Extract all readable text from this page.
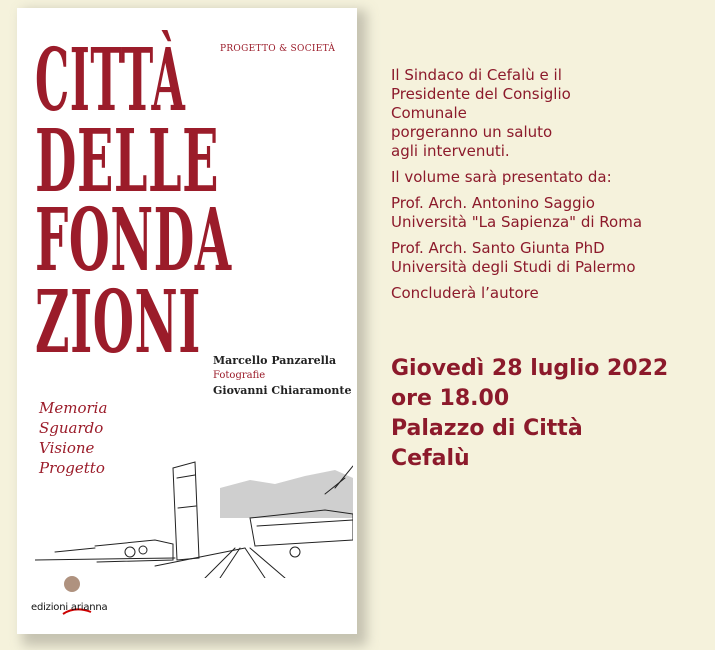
PROGETTO & SOCIETÀ
CITTÀ
DELLE
FONDA
ZIONI Marcello Panzarella
Fotografie
Giovanni Chiaramonte
Memoria
Sguardo
Visione
Progetto
edizioni arianna
Il Sindaco di Cefalù e il
Presidente del Consiglio
Comunale
porgeranno un saluto
agli intervenuti.
Il volume sarà presentato da:
Prof. Arch. Antonino Saggio
Università "La Sapienza" di Roma
Prof. Arch. Santo Giunta PhD
Università degli Studi di Palermo
Concluderà l’autore
Giovedì 28 luglio 2022
ore 18.00
Palazzo di Città
Cefalù
